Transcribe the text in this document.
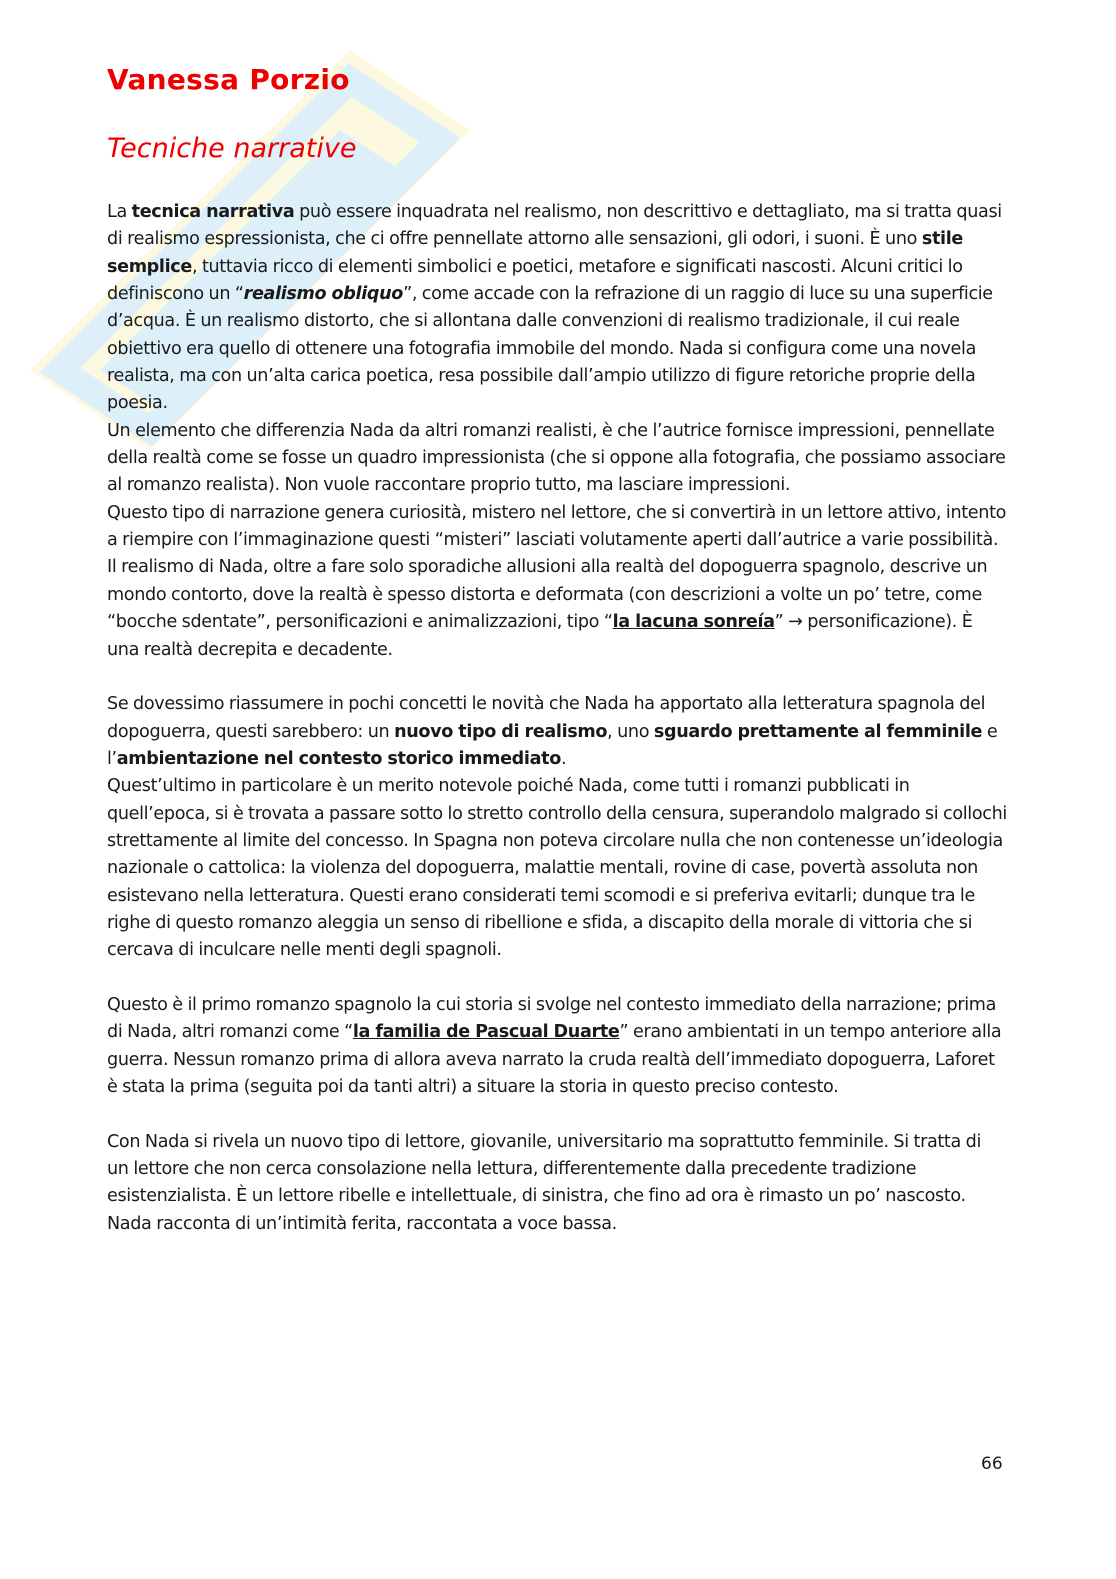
Vanessa Porzio
Tecniche narrative

La tecnica narrativa può essere inquadrata nel realismo, non descrittivo e dettagliato, ma si tratta quasi di realismo espressionista, che ci offre pennellate attorno alle sensazioni, gli odori, i suoni. È uno stile semplice, tuttavia ricco di elementi simbolici e poetici, metafore e significati nascosti. Alcuni critici lo definiscono un “realismo obliquo”, come accade con la refrazione di un raggio di luce su una superficie d’acqua. È un realismo distorto, che si allontana dalle convenzioni di realismo tradizionale, il cui reale obiettivo era quello di ottenere una fotografia immobile del mondo. Nada si configura come una novela realista, ma con un’alta carica poetica, resa possibile dall’ampio utilizzo di figure retoriche proprie della poesia.

Un elemento che differenzia Nada da altri romanzi realisti, è che l’autrice fornisce impressioni, pennellate della realtà come se fosse un quadro impressionista (che si oppone alla fotografia, che possiamo associare al romanzo realista). Non vuole raccontare proprio tutto, ma lasciare impressioni.

Questo tipo di narrazione genera curiosità, mistero nel lettore, che si convertirà in un lettore attivo, intento a riempire con l’immaginazione questi “misteri” lasciati volutamente aperti dall’autrice a varie possibilità.

Il realismo di Nada, oltre a fare solo sporadiche allusioni alla realtà del dopoguerra spagnolo, descrive un mondo contorto, dove la realtà è spesso distorta e deformata (con descrizioni a volte un po’ tetre, come “bocche sdentate”, personificazioni e animalizzazioni, tipo “la lacuna sonreía” → personificazione). È una realtà decrepita e decadente.

Se dovessimo riassumere in pochi concetti le novità che Nada ha apportato alla letteratura spagnola del dopoguerra, questi sarebbero: un nuovo tipo di realismo, uno sguardo prettamente al femminile e l’ambientazione nel contesto storico immediato.

Quest’ultimo in particolare è un merito notevole poiché Nada, come tutti i romanzi pubblicati in quell’epoca, si è trovata a passare sotto lo stretto controllo della censura, superandolo malgrado si collochi strettamente al limite del concesso. In Spagna non poteva circolare nulla che non contenesse un’ideologia nazionale o cattolica: la violenza del dopoguerra, malattie mentali, rovine di case, povertà assoluta non esistevano nella letteratura. Questi erano considerati temi scomodi e si preferiva evitarli; dunque tra le righe di questo romanzo aleggia un senso di ribellione e sfida, a discapito della morale di vittoria che si cercava di inculcare nelle menti degli spagnoli.

Questo è il primo romanzo spagnolo la cui storia si svolge nel contesto immediato della narrazione; prima di Nada, altri romanzi come “la familia de Pascual Duarte” erano ambientati in un tempo anteriore alla guerra. Nessun romanzo prima di allora aveva narrato la cruda realtà dell’immediato dopoguerra, Laforet è stata la prima (seguita poi da tanti altri) a situare la storia in questo preciso contesto.

Con Nada si rivela un nuovo tipo di lettore, giovanile, universitario ma soprattutto femminile. Si tratta di un lettore che non cerca consolazione nella lettura, differentemente dalla precedente tradizione esistenzialista. È un lettore ribelle e intellettuale, di sinistra, che fino ad ora è rimasto un po’ nascosto. Nada racconta di un’intimità ferita, raccontata a voce bassa.

66
